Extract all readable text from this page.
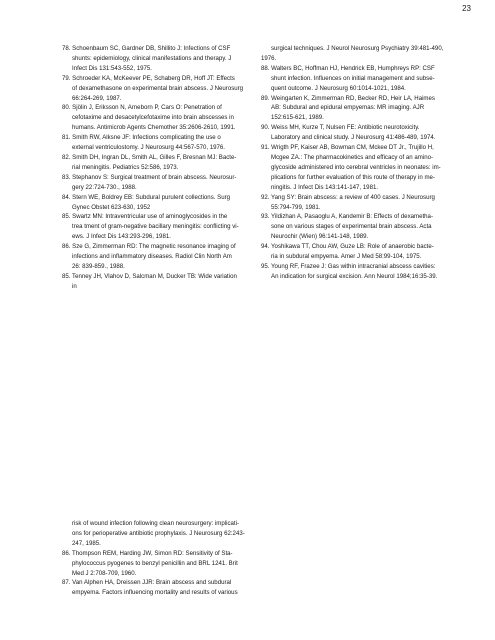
23

78. Schoenbaum SC, Gardner DB, Shillito J: Infections of CSF

shunts: epidemiology, clinical manifestations and therapy. J

Infect Dis 131:543-552, 1975.

79. Schroeder KA, McKeever PE, Schaberg DR, Hoff JT: Effects

of dexamethasone on experimental brain abscess. J Neurosurg

66:264-269, 1987.

80. Sjölin J, Eriksson N, Arneborn P, Cars O: Penetration of

cefotaxime and desacetylcefotaxime into brain abscesses in

humans. Antimicrob Agents Chemother 35:2606-2610, 1991.

81. Smith RW, Alksne JF: Infections complicating the use o

external ventriculostomy. J Neurosurg 44:567-570, 1976.

82. Smith DH, Ingran DL, Smith AL, Gilles F, Bresnan MJ: Bacte-

rial meningitis. Pediatrics 52:586, 1973.

83. Stephanov S: Surgical treatment of brain abscess. Neurosur-

gery 22:724-730., 1988.

84. Stern WE, Boldrey EB: Subdural purulent collections. Surg

Gynec Obstet 623-630, 1952

85. Swartz MN: Intraventricular use of aminoglycosides in the

trea tment of gram-negative bacillary meningitis: conflicting vi-

ews. J Infect Dis 143:293-296, 1981.

86. Sze G, Zimmerman RD: The magnetic resonance imaging of

infections and inflammatory diseases. Radiol Clin North Am

26: 839-859., 1988.

85. Tenney JH, Vlahov D, Salcman M, Ducker TB: Wide variation

in

surgical techniques. J Neurol Neurosurg Psychiatry 39:481-490,

1976.

88. Walters BC, Hoffman HJ, Hendrick EB, Humphreys RP: CSF

shunt infection. Influences on initial management and subse-

quent outcome. J Neurosurg 60:1014-1021, 1984.

89. Weingarten K, Zimmerman RD, Becker RD, Heir LA, Haimes

AB: Subdural and epidural empyemas: MR imaging. AJR

152:615-621, 1989.

90. Weiss MH, Kurze T, Nulsen FE: Antibiotic neurotoxicity.

Laboratory and clinical study. J Neurosurg 41:486-489, 1974.

91. Wrigth PF, Kaiser AB, Bowman CM, Mckee DT Jr., Trujillo H,

Mcgee ZA.: The pharmacokinetics and efficacy of an amino-

glycoside administered into cerebral ventricles in neonates: im-

plications for further evaluation of this route of therapy in me-

ningitis. J Infect Dis 143:141-147, 1981.

92. Yang SY: Brain abscess: a review of 400 cases. J Neurosurg

55:794-799, 1981.

93. Yildizhan A, Pasaoglu A, Kandemir B: Effects of dexametha-

sone on various stages of experimental brain abscess. Acta

Neurochir (Wien) 96:141-148, 1989.

94. Yoshikawa TT, Chou AW, Guze LB: Role of anaerobic bacte-

ria in subdural empyema. Amer J Med 58:99-104, 1975.

95. Young RF, Frazee J: Gas within intracranial abscess cavities:

An indication for surgical excision. Ann Neurol 1984;16:35-39.

risk of wound infection following clean neurosurgery: implicati-

ons for perioperative antibiotic prophylaxis. J Neurosurg 62:243-

247, 1985.

86. Thompson REM, Harding JW, Simon RD: Sensitivity of Sta-

phylococcus pyogenes to benzyl penicillin and BRL 1241. Brit

Med J 2:708-709, 1960.

87. Van Alphen HA, Dreissen JJR: Brain abscess and subdural

empyema. Factors influencing mortality and results of various
